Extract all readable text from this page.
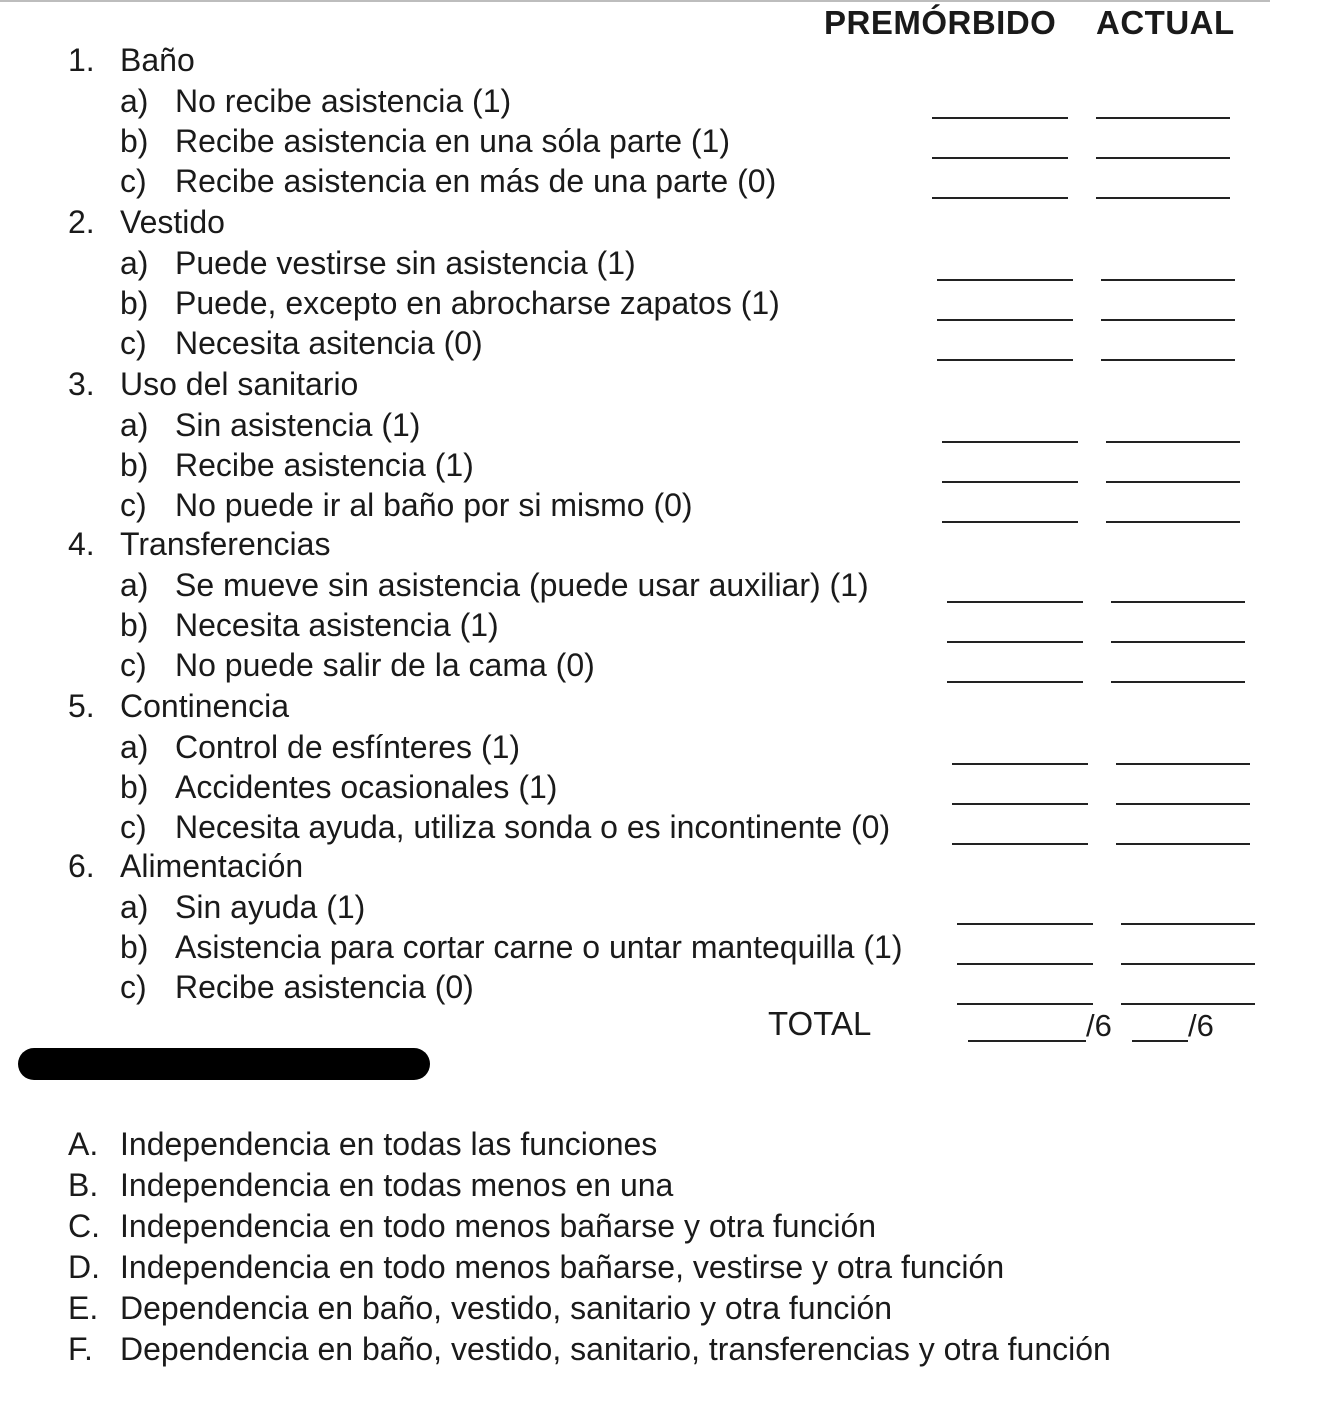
PREMÓRBIDO ACTUAL
1. Baño
a) No recibe asistencia (1)
b) Recibe asistencia en una sóla parte (1)
c) Recibe asistencia en más de una parte (0)
2. Vestido
a) Puede vestirse sin asistencia (1)
b) Puede, excepto en abrocharse zapatos (1)
c) Necesita asitencia (0)
3. Uso del sanitario
a) Sin asistencia (1)
b) Recibe asistencia (1)
c) No puede ir al baño por si mismo (0)
4. Transferencias
a) Se mueve sin asistencia (puede usar auxiliar) (1)
b) Necesita asistencia (1)
c) No puede salir de la cama (0)
5. Continencia
a) Control de esfínteres (1)
b) Accidentes ocasionales (1)
c) Necesita ayuda, utiliza sonda o es incontinente (0)
6. Alimentación
a) Sin ayuda (1)
b) Asistencia para cortar carne o untar mantequilla (1)
c) Recibe asistencia (0)
TOTAL	/6 /6
A. Independencia en todas las funciones
B. Independencia en todas menos en una
C. Independencia en todo menos bañarse y otra función
D. Independencia en todo menos bañarse, vestirse y otra función
E. Dependencia en baño, vestido, sanitario y otra función
F. Dependencia en baño, vestido, sanitario, transferencias y otra función
